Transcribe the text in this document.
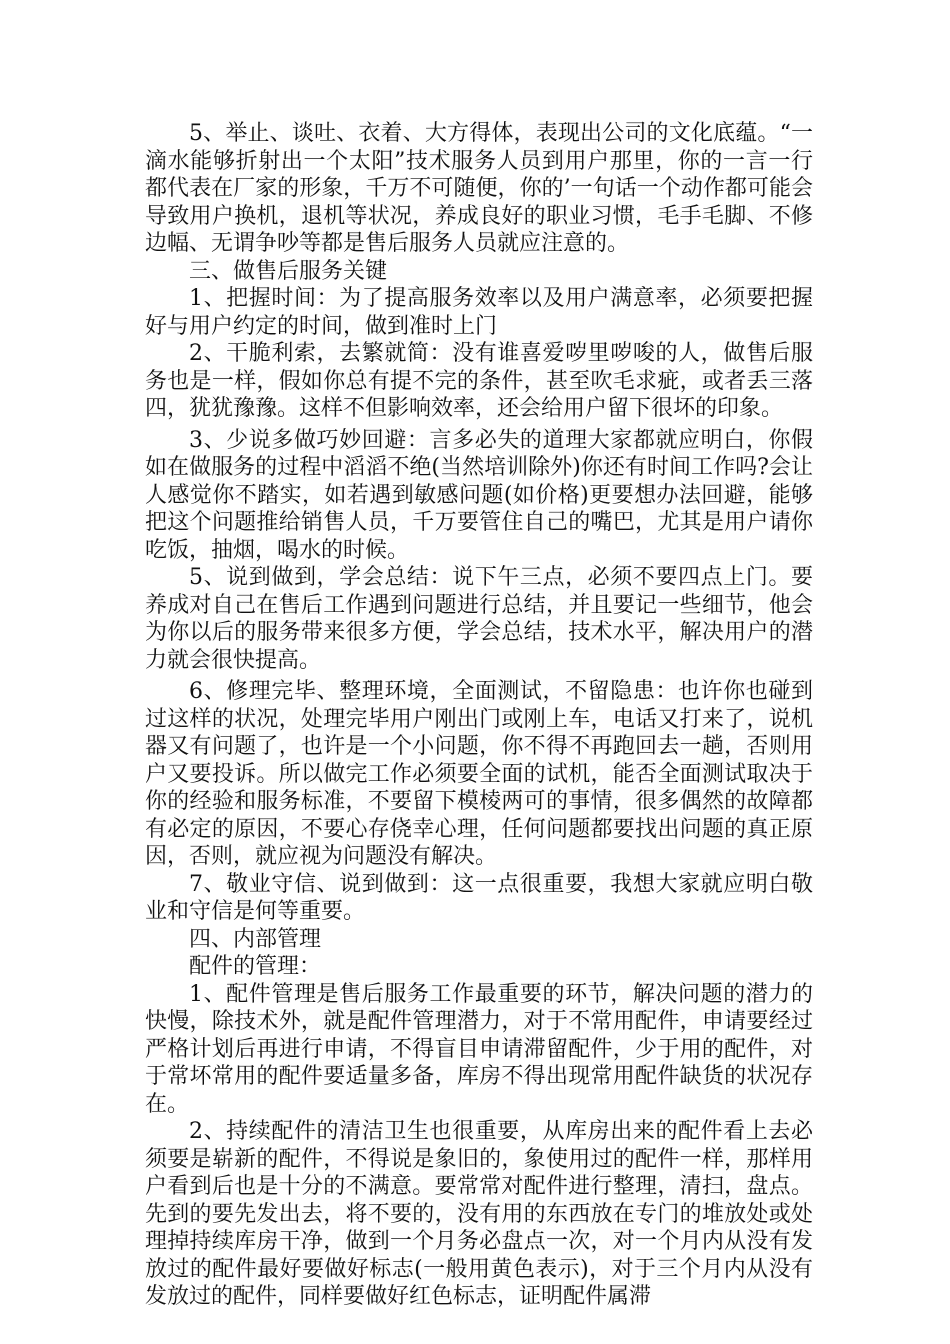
5、举止、谈吐、衣着、大方得体，表现出公司的文化底蕴。“一滴水能够折射出一个太阳”技术服务人员到用户那里，你的一言一行都代表在厂家的形象，千万不可随便，你的’一句话一个动作都可能会导致用户换机，退机等状况，养成良好的职业习惯，毛手毛脚、不修边幅、无谓争吵等都是售后服务人员就应注意的。

三、做售后服务关键

1、把握时间：为了提高服务效率以及用户满意率，必须要把握好与用户约定的时间，做到准时上门

2、干脆利索，去繁就简：没有谁喜爱哕里哕唆的人，做售后服务也是一样，假如你总有提不完的条件，甚至吹毛求疵，或者丢三落四，犹犹豫豫。这样不但影响效率，还会给用户留下很坏的印象。

3、少说多做巧妙回避：言多必失的道理大家都就应明白，你假如在做服务的过程中滔滔不绝(当然培训除外)你还有时间工作吗?会让人感觉你不踏实，如若遇到敏感问题(如价格)更要想办法回避，能够把这个问题推给销售人员，千万要管住自己的嘴巴，尤其是用户请你吃饭，抽烟，喝水的时候。

5、说到做到，学会总结：说下午三点，必须不要四点上门。要养成对自己在售后工作遇到问题进行总结，并且要记一些细节，他会为你以后的服务带来很多方便，学会总结，技术水平，解决用户的潜力就会很快提高。

6、修理完毕、整理环境，全面测试，不留隐患：也许你也碰到过这样的状况，处理完毕用户刚出门或刚上车，电话又打来了，说机器又有问题了，也许是一个小问题，你不得不再跑回去一趟，否则用户又要投诉。所以做完工作必须要全面的试机，能否全面测试取决于你的经验和服务标准，不要留下模棱两可的事情，很多偶然的故障都有必定的原因，不要心存侥幸心理，任何问题都要找出问题的真正原因，否则，就应视为问题没有解决。

7、敬业守信、说到做到：这一点很重要，我想大家就应明白敬业和守信是何等重要。

四、内部管理

配件的管理：

1、配件管理是售后服务工作最重要的环节，解决问题的潜力的快慢，除技术外，就是配件管理潜力，对于不常用配件，申请要经过严格计划后再进行申请，不得盲目申请滞留配件，少于用的配件，对于常坏常用的配件要适量多备，库房不得出现常用配件缺货的状况存在。

2、持续配件的清洁卫生也很重要，从库房出来的配件看上去必须要是崭新的配件，不得说是象旧的，象使用过的配件一样，那样用户看到后也是十分的不满意。要常常对配件进行整理，清扫，盘点。先到的要先发出去，将不要的，没有用的东西放在专门的堆放处或处理掉持续库房干净，做到一个月务必盘点一次，对一个月内从没有发放过的配件最好要做好标志(一般用黄色表示)，对于三个月内从没有发放过的配件，同样要做好红色标志，证明配件属滞
